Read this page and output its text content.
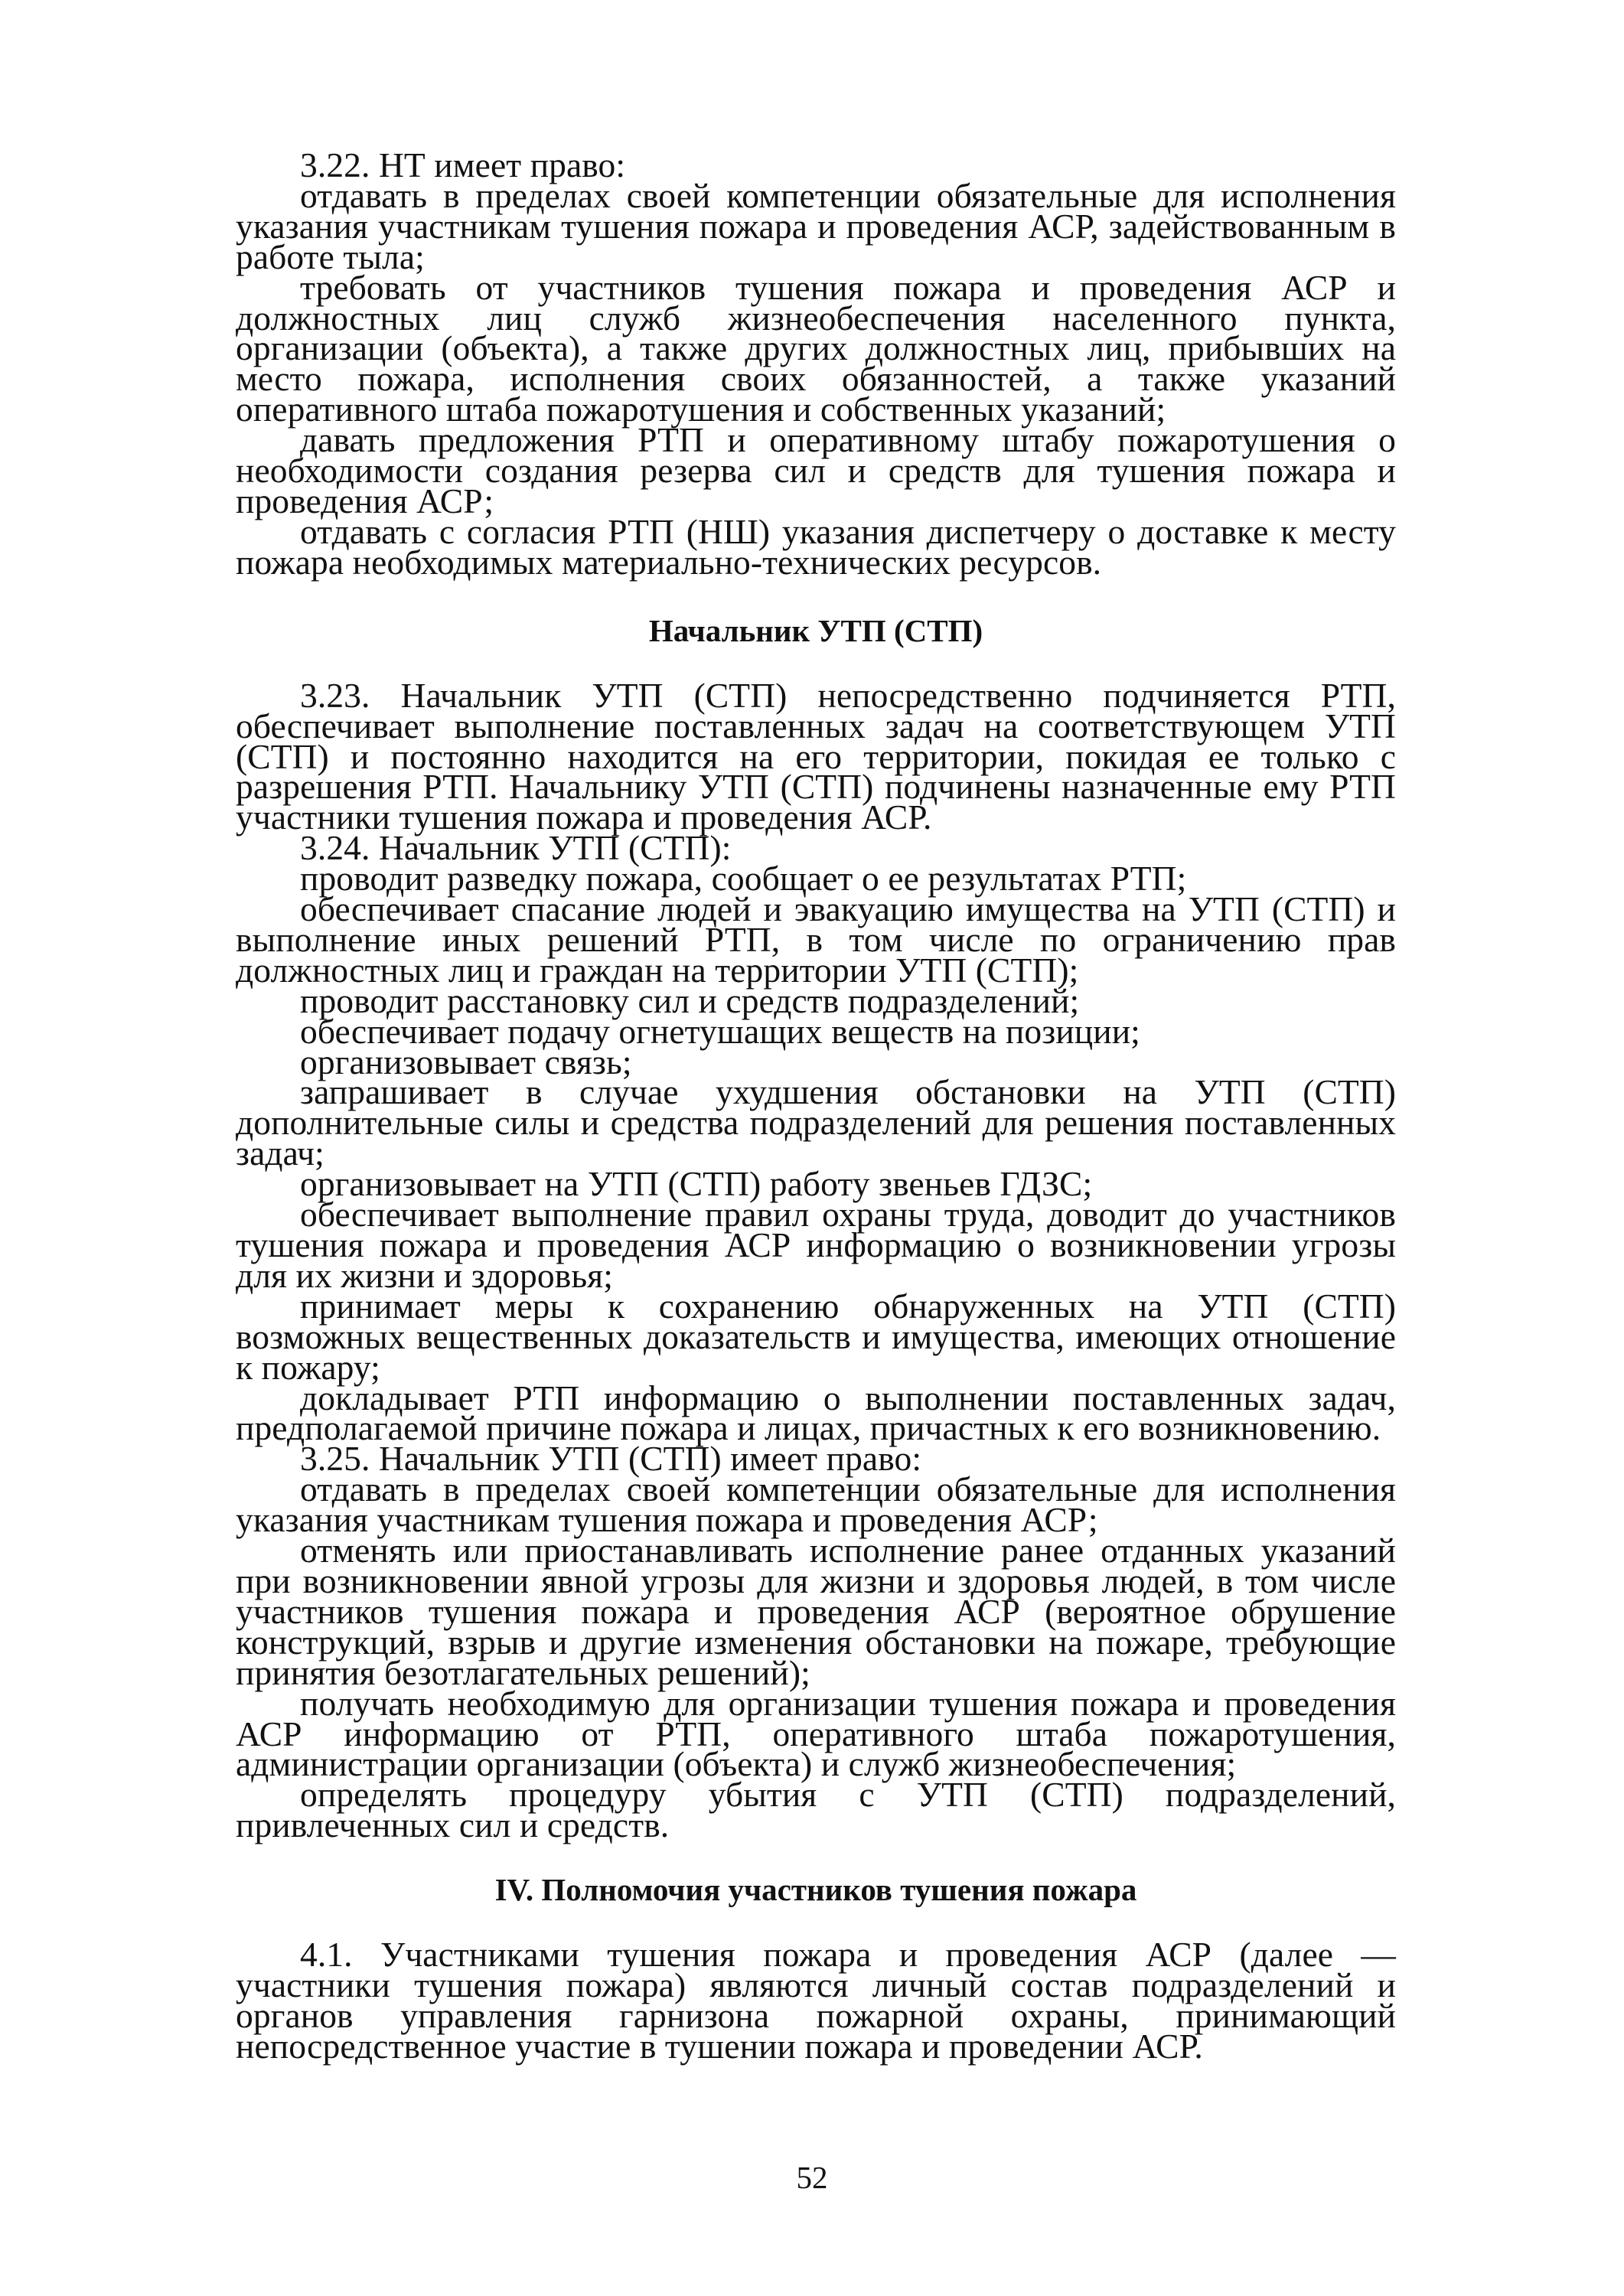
3.22. НТ имеет право:

отдавать в пределах своей компетенции обязательные для исполнения указания участникам тушения пожара и проведения АСР, задействованным в работе тыла;

требовать от участников тушения пожара и проведения АСР и должностных лиц служб жизнеобеспечения населенного пункта, организации (объекта), а также других должностных лиц, прибывших на место пожара, исполнения своих обязанностей, а также указаний оперативного штаба пожаротушения и собственных указаний;

давать предложения РТП и оперативному штабу пожаротушения о необходимости создания резерва сил и средств для тушения пожара и проведения АСР;

отдавать с согласия РТП (НШ) указания диспетчеру о доставке к месту пожара необходимых материально-технических ресурсов.

Начальник УТП (СТП)

3.23. Начальник УТП (СТП) непосредственно подчиняется РТП, обеспечивает выполнение поставленных задач на соответствующем УТП (СТП) и постоянно находится на его территории, покидая ее только с разрешения РТП. Начальнику УТП (СТП) подчинены назначенные ему РТП участники тушения пожара и проведения АСР.

3.24. Начальник УТП (СТП):

проводит разведку пожара, сообщает о ее результатах РТП;

обеспечивает спасание людей и эвакуацию имущества на УТП (СТП) и выполнение иных решений РТП, в том числе по ограничению прав должностных лиц и граждан на территории УТП (СТП);

проводит расстановку сил и средств подразделений;

обеспечивает подачу огнетушащих веществ на позиции;

организовывает связь;

запрашивает в случае ухудшения обстановки на УТП (СТП) дополнительные силы и средства подразделений для решения поставленных задач;

организовывает на УТП (СТП) работу звеньев ГДЗС;

обеспечивает выполнение правил охраны труда, доводит до участников тушения пожара и проведения АСР информацию о возникновении угрозы для их жизни и здоровья;

принимает меры к сохранению обнаруженных на УТП (СТП) возможных вещественных доказательств и имущества, имеющих отношение к пожару;

докладывает РТП информацию о выполнении поставленных задач, предполагаемой причине пожара и лицах, причастных к его возникновению.

3.25. Начальник УТП (СТП) имеет право:

отдавать в пределах своей компетенции обязательные для исполнения указания участникам тушения пожара и проведения АСР;

отменять или приостанавливать исполнение ранее отданных указаний при возникновении явной угрозы для жизни и здоровья людей, в том числе участников тушения пожара и проведения АСР (вероятное обрушение конструкций, взрыв и другие изменения обстановки на пожаре, требующие принятия безотлагательных решений);

получать необходимую для организации тушения пожара и проведения АСР информацию от РТП, оперативного штаба пожаротушения, администрации организации (объекта) и служб жизнеобеспечения;

определять процедуру убытия с УТП (СТП) подразделений, привлеченных сил и средств.

IV. Полномочия участников тушения пожара

4.1. Участниками тушения пожара и проведения АСР (далее — участники тушения пожара) являются личный состав подразделений и органов управления гарнизона пожарной охраны, принимающий непосредственное участие в тушении пожара и проведении АСР.

52
